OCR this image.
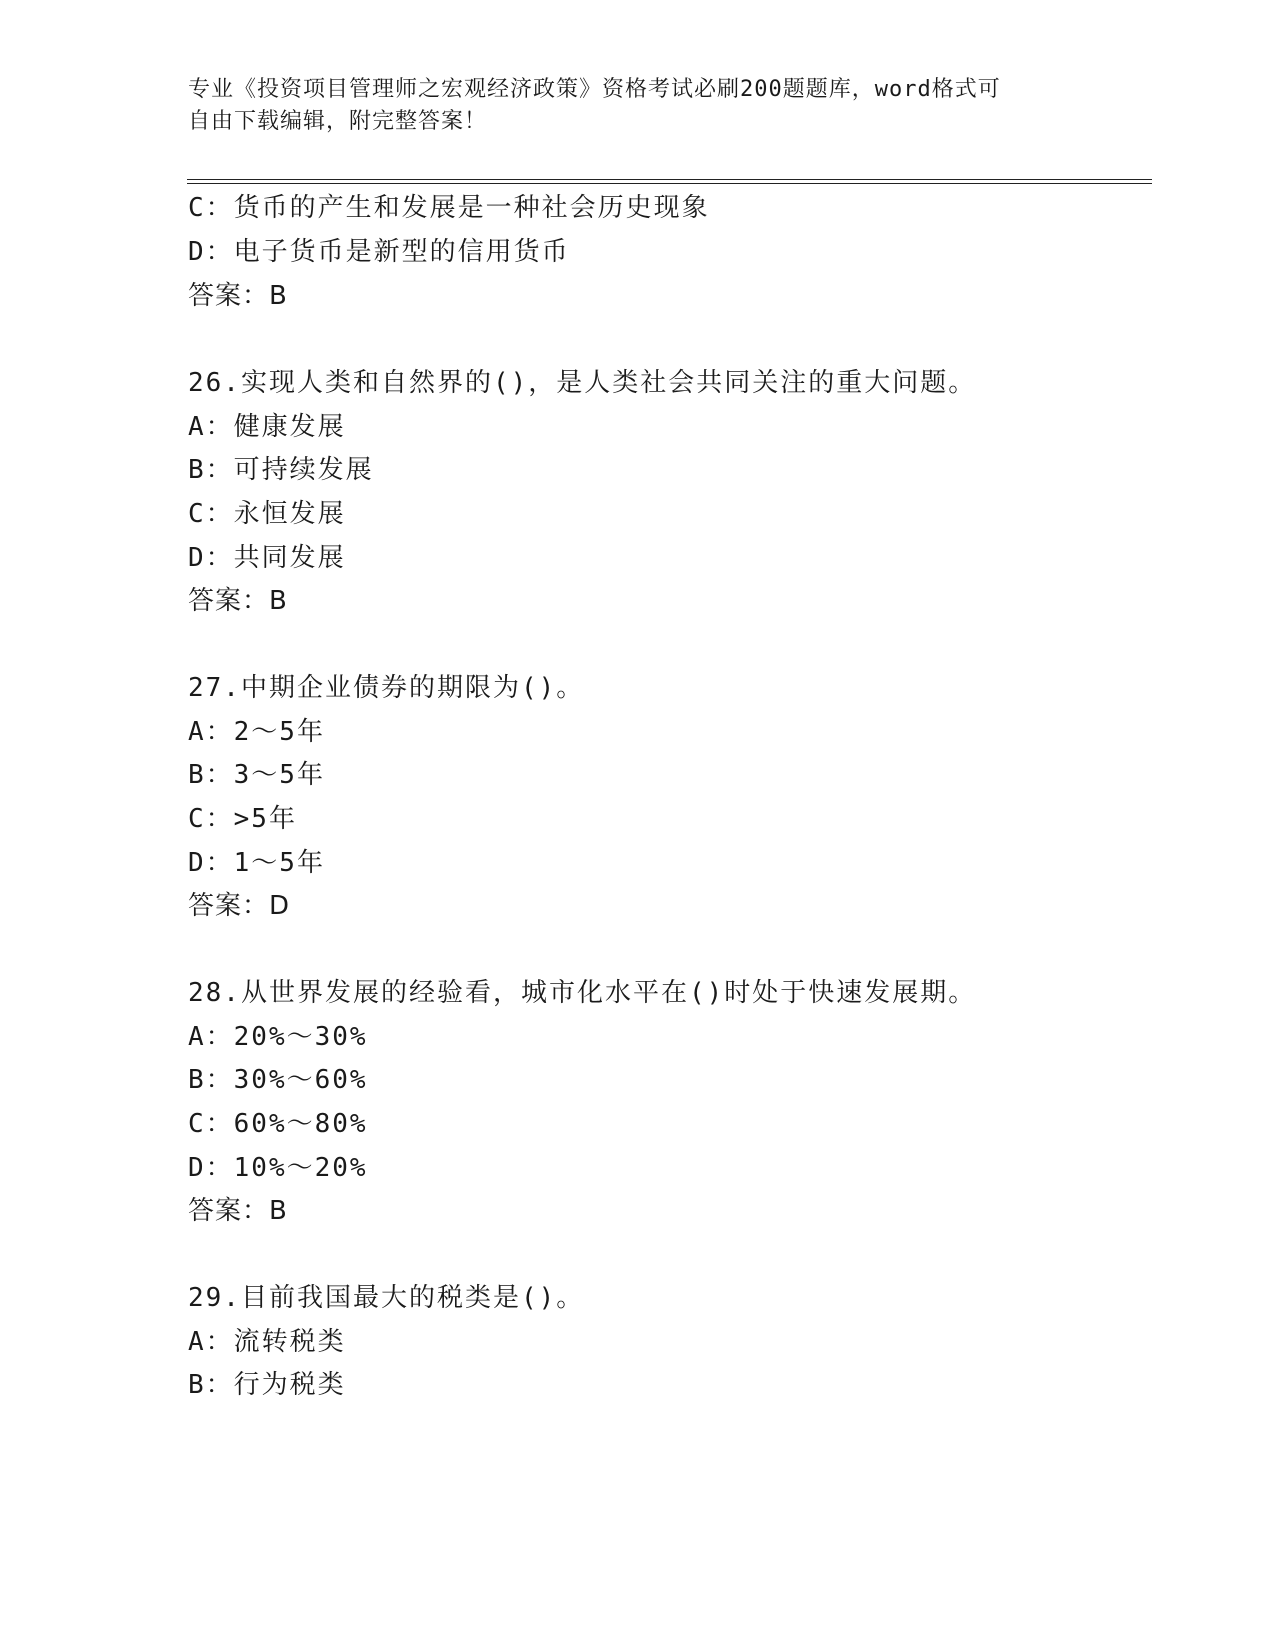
专业《投资项目管理师之宏观经济政策》资格考试必刷200题题库，word格式可
自由下载编辑，附完整答案！
C：货币的产生和发展是一种社会历史现象
D：电子货币是新型的信用货币
答案：B
26.实现人类和自然界的()，是人类社会共同关注的重大问题。
A：健康发展
B：可持续发展
C：永恒发展
D：共同发展
答案：B
27.中期企业债券的期限为()。
A：2～5年
B：3～5年
C：>5年
D：1～5年
答案：D
28.从世界发展的经验看，城市化水平在()时处于快速发展期。
A：20%～30%
B：30%～60%
C：60%～80%
D：10%～20%
答案：B
29.目前我国最大的税类是()。
A：流转税类
B：行为税类
